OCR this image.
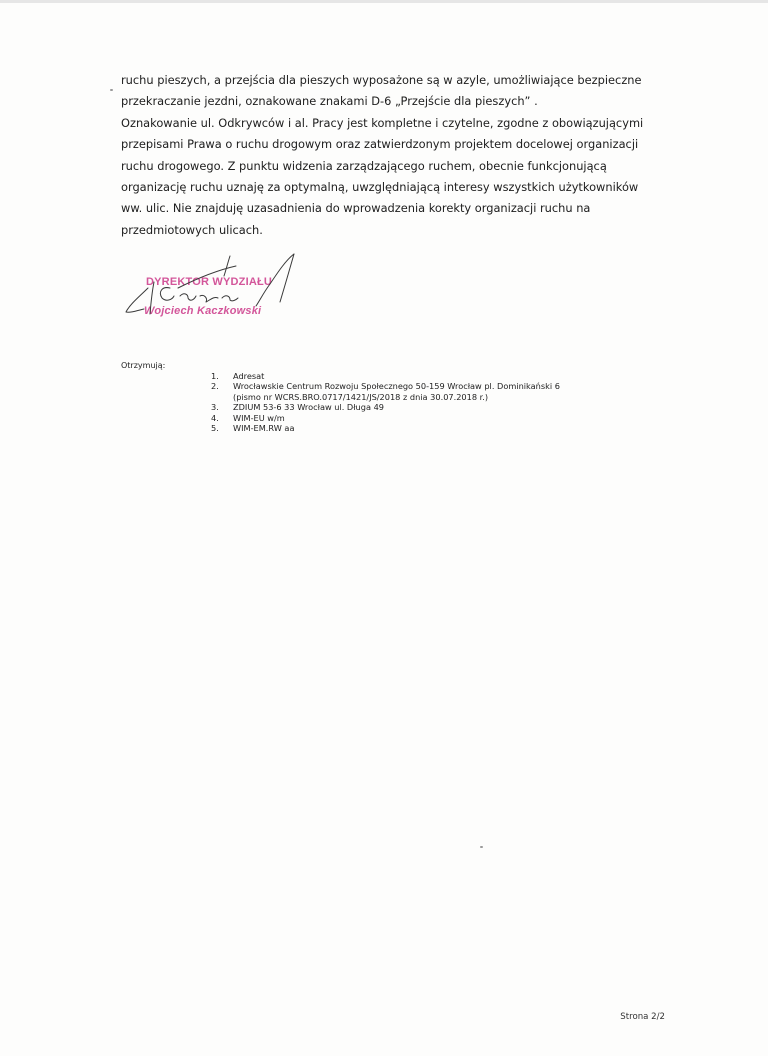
ruchu pieszych, a przejścia dla pieszych wyposażone są w azyle, umożliwiające bezpieczne

przekraczanie jezdni, oznakowane znakami D-6 „Przejście dla pieszych” .

Oznakowanie ul. Odkrywców i al. Pracy jest kompletne i czytelne, zgodne z obowiązującymi

przepisami Prawa o ruchu drogowym oraz zatwierdzonym projektem docelowej organizacji

ruchu drogowego. Z punktu widzenia zarządzającego ruchem, obecnie funkcjonującą

organizację ruchu uznaję za optymalną, uwzględniającą interesy wszystkich użytkowników

ww. ulic. Nie znajduję uzasadnienia do wprowadzenia korekty organizacji ruchu na

przedmiotowych ulicach.

DYREKTOR WYDZIAŁU
Wojciech Kaczkowski
Otrzymują:
1.	Adresat
2.	Wrocławskie Centrum Rozwoju Społecznego 50-159 Wrocław pl. Dominikański 6
(pismo nr WCRS.BRO.0717/1421/JS/2018 z dnia 30.07.2018 r.)
3.	ZDIUM 53-6 33 Wrocław ul. Długa 49
4.	WIM-EU w/m
5.	WIM-EM.RW aa
Strona 2/2
